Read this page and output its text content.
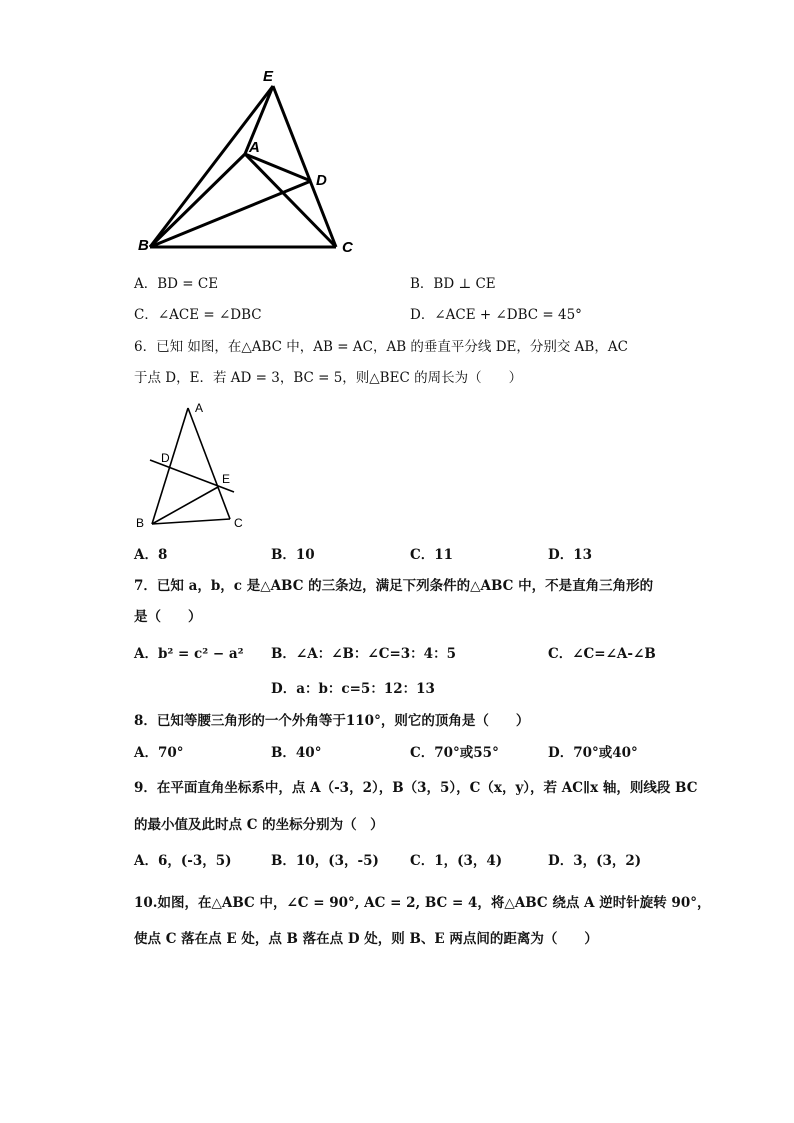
E
A
D
B	C
A．BD = CE	B．BD ⊥ CE
C．∠ACE = ∠DBC	D．∠ACE + ∠DBC = 45°
6．已知 如图，在△ABC 中，AB = AC，AB 的垂直平分线 DE，分别交 AB，AC
于点 D，E．若 AD = 3，BC = 5，则△BEC 的周长为（　　）
A
D
E
B	C
A．8	B．10	C．11	D．13
7．已知 a，b，c 是△ABC 的三条边，满足下列条件的△ABC 中，不是直角三角形的
是（　　）
A．b² = c² − a² B．∠A：∠B：∠C=3：4：5	C．∠C=∠A-∠B
D．a：b：c=5：12：13
8．已知等腰三角形的一个外角等于110°，则它的顶角是（　　）
A．70°	B．40°	C．70°或55°	D．70°或40°
9．在平面直角坐标系中，点 A（-3，2），B（3，5），C（x，y），若 AC∥x 轴，则线段 BC
的最小值及此时点 C 的坐标分别为（　）
A．6，(-3，5)	B．10，(3，-5) C．1，(3，4)	D．3，(3，2)
10.如图，在△ABC 中，∠C = 90°, AC = 2, BC = 4，将△ABC 绕点 A 逆时针旋转 90°，
使点 C 落在点 E 处，点 B 落在点 D 处，则 B、E 两点间的距离为（　　）
